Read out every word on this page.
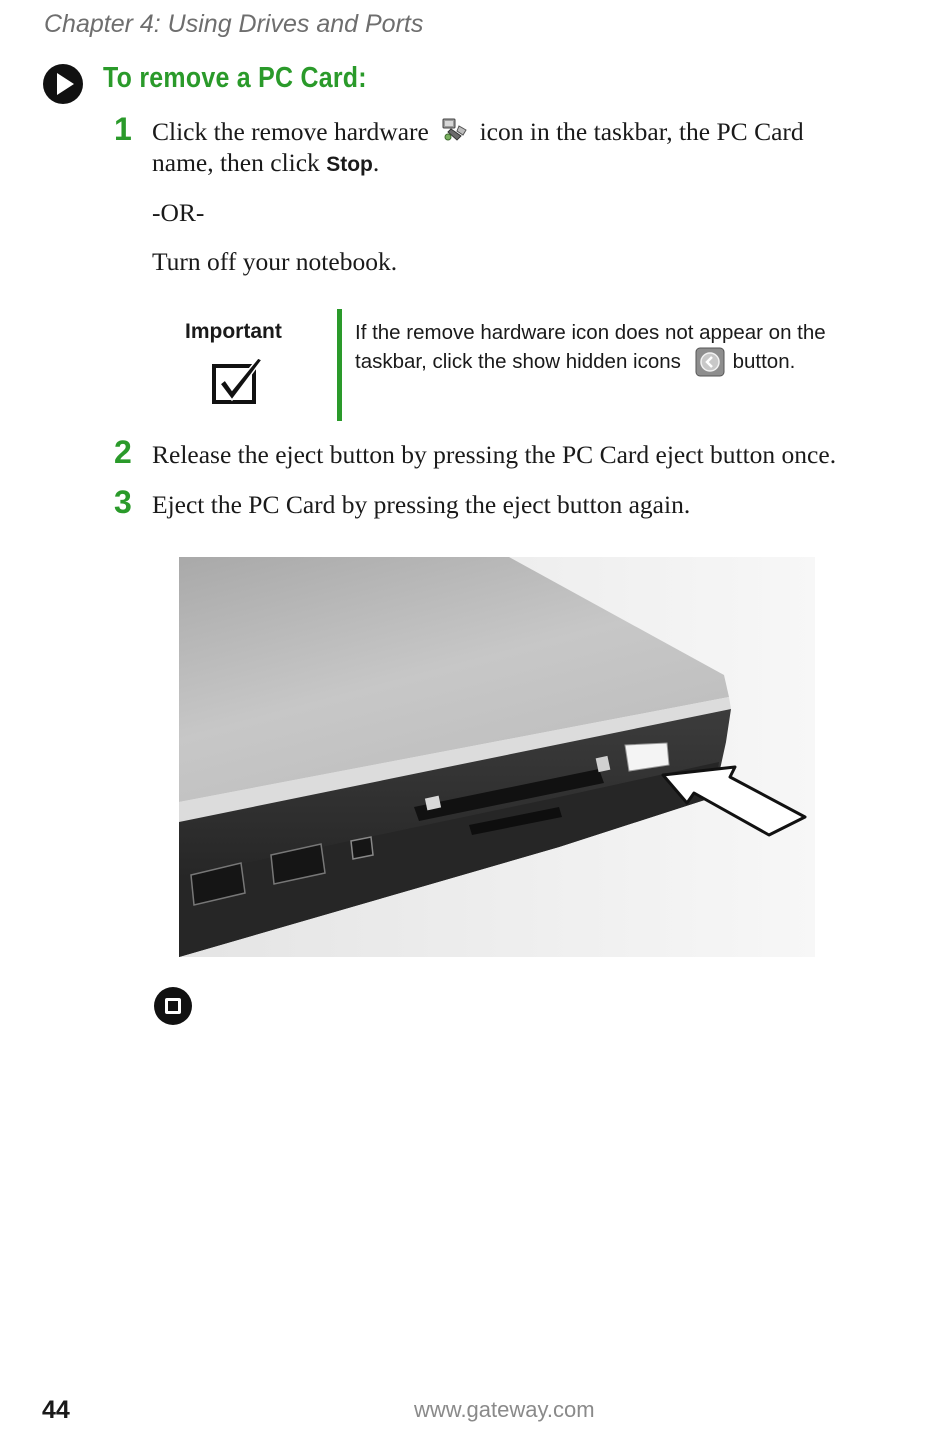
Chapter 4: Using Drives and Ports
To remove a PC Card:
1 Click the remove hardware icon in the taskbar, the PC Card
name, then click Stop.
-OR-
Turn off your notebook.
Important	If the remove hardware icon does not appear on the taskbar, click the show hidden icons	button.
2 Release the eject button by pressing the PC Card eject button once.
3 Eject the PC Card by pressing the eject button again.
44	www.gateway.com
